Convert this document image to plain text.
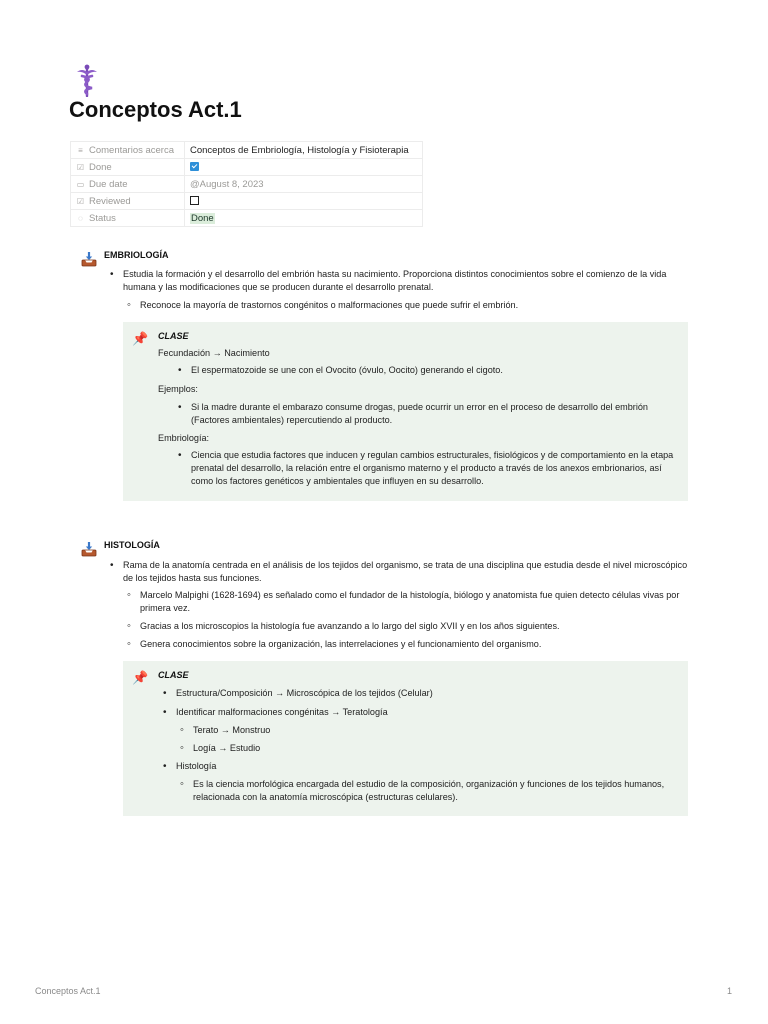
Conceptos Act.1
≡ Comentarios acerca	Conceptos de Embriología, Histología y Fisioterapia
☑ Done	
▭ Due date	@August 8, 2023
☑ Reviewed	
◌ Status	Done
EMBRIOLOGÍA
• Estudia la formación y el desarrollo del embrión hasta su nacimiento. Proporciona distintos conocimientos sobre el comienzo de la vida humana y las modificaciones que se producen durante el desarrollo prenatal.
◦ Reconoce la mayoría de trastornos congénitos o malformaciones que puede sufrir el embrión.
📌 CLASE
Fecundación → Nacimiento
• El espermatozoide se une con el Ovocito (óvulo, Oocito) generando el cigoto.
Ejemplos:
• Si la madre durante el embarazo consume drogas, puede ocurrir un error en el proceso de desarrollo del embrión (Factores ambientales) repercutiendo al producto.
Embriología:
• Ciencia que estudia factores que inducen y regulan cambios estructurales, fisiológicos y de comportamiento en la etapa prenatal del desarrollo, la relación entre el organismo materno y el producto a través de los anexos embrionarios, así como los factores genéticos y ambientales que influyen en su desarrollo.
HISTOLOGÍA
• Rama de la anatomía centrada en el análisis de los tejidos del organismo, se trata de una disciplina que estudia desde el nivel microscópico de los tejidos hasta sus funciones.
◦ Marcelo Malpighi (1628-1694) es señalado como el fundador de la histología, biólogo y anatomista fue quien detecto células vivas por primera vez.
◦ Gracias a los microscopios la histología fue avanzando a lo largo del siglo XVII y en los años siguientes.
◦ Genera conocimientos sobre la organización, las interrelaciones y el funcionamiento del organismo.
📌 CLASE
• Estructura/Composición → Microscópica de los tejidos (Celular)
• Identificar malformaciones congénitas → Teratología
◦ Terato → Monstruo
◦ Logía → Estudio
• Histología
◦ Es la ciencia morfológica encargada del estudio de la composición, organización y funciones de los tejidos humanos, relacionada con la anatomía microscópica (estructuras celulares).
Conceptos Act.1	1
